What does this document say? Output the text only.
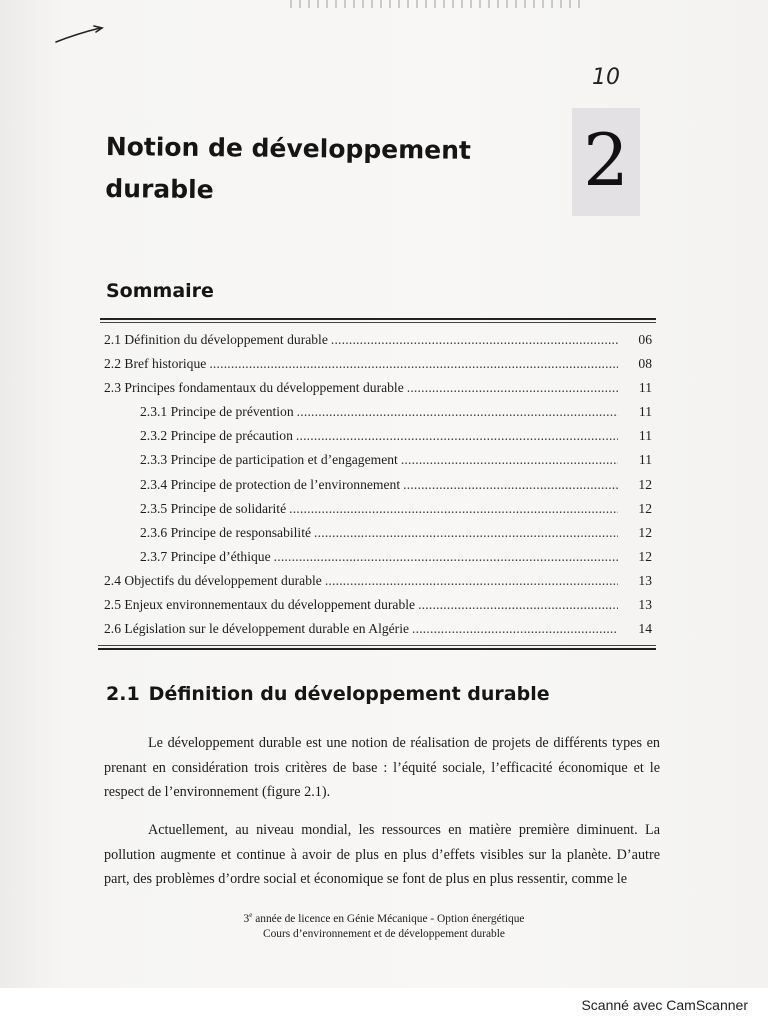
10
Notion de développement
durable	2
Sommaire
2.1 Définition du développement durable .....	06
2.2 Bref historique .....	08
2.3 Principes fondamentaux du développement durable .....	11
2.3.1 Principe de prévention .....	11
2.3.2 Principe de précaution .....	11
2.3.3 Principe de participation et d’engagement .....	11
2.3.4 Principe de protection de l’environnement .....	12
2.3.5 Principe de solidarité .....	12
2.3.6 Principe de responsabilité .....	12
2.3.7 Principe d’éthique .....	12
2.4 Objectifs du développement durable .....	13
2.5 Enjeux environnementaux du développement durable .....	13
2.6 Législation sur le développement durable en Algérie .....	14
2.1 Définition du développement durable
Le développement durable est une notion de réalisation de projets de différents types en prenant en considération trois critères de base : l’équité sociale, l’efficacité économique et le respect de l’environnement (figure 2.1).
Actuellement, au niveau mondial, les ressources en matière première diminuent. La pollution augmente et continue à avoir de plus en plus d’effets visibles sur la planète. D’autre part, des problèmes d’ordre social et économique se font de plus en plus ressentir, comme le
3e année de licence en Génie Mécanique - Option énergétique
Cours d’environnement et de développement durable
Scanné avec CamScanner
